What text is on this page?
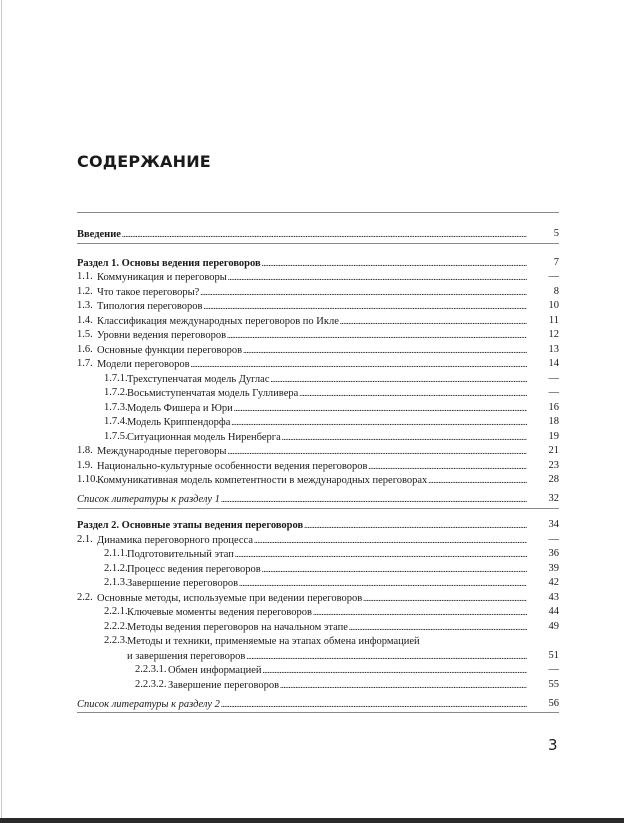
СОДЕРЖАНИЕ
Введение . . .	5
Раздел 1. Основы ведения переговоров . . .	7
1.1. Коммуникация и переговоры . . .	—
1.2. Что такое переговоры? . . .	8
1.3. Типология переговоров . . .	10
1.4. Классификация международных переговоров по Икле . . .	11
1.5. Уровни ведения переговоров . . .	12
1.6. Основные функции переговоров . . .	13
1.7. Модели переговоров . . .	14
1.7.1. Трехступенчатая модель Дуглас . . .	—
1.7.2. Восьмиступенчатая модель Гулливера . . .	—
1.7.3. Модель Фишера и Юри . . .	16
1.7.4. Модель Криппендорфа . . .	18
1.7.5. Ситуационная модель Ниренберга . . .	19
1.8. Международные переговоры . . .	21
1.9. Национально-культурные особенности ведения переговоров . . .	23
1.10. Коммуникативная модель компетентности в международных переговорах . . .	28
Список литературы к разделу 1 . . .	32
Раздел 2. Основные этапы ведения переговоров . . .	34
2.1. Динамика переговорного процесса . . .	—
2.1.1. Подготовительный этап . . .	36
2.1.2. Процесс ведения переговоров . . .	39
2.1.3. Завершение переговоров . . .	42
2.2. Основные методы, используемые при ведении переговоров . . .	43
2.2.1. Ключевые моменты ведения переговоров . . .	44
2.2.2. Методы ведения переговоров на начальном этапе . . .	49
2.2.3. Методы и техники, применяемые на этапах обмена информацией
и завершения переговоров . . .	51
2.2.3.1. Обмен информацией . . .	—
2.2.3.2. Завершение переговоров . . .	55
Список литературы к разделу 2 . . .	56
3
